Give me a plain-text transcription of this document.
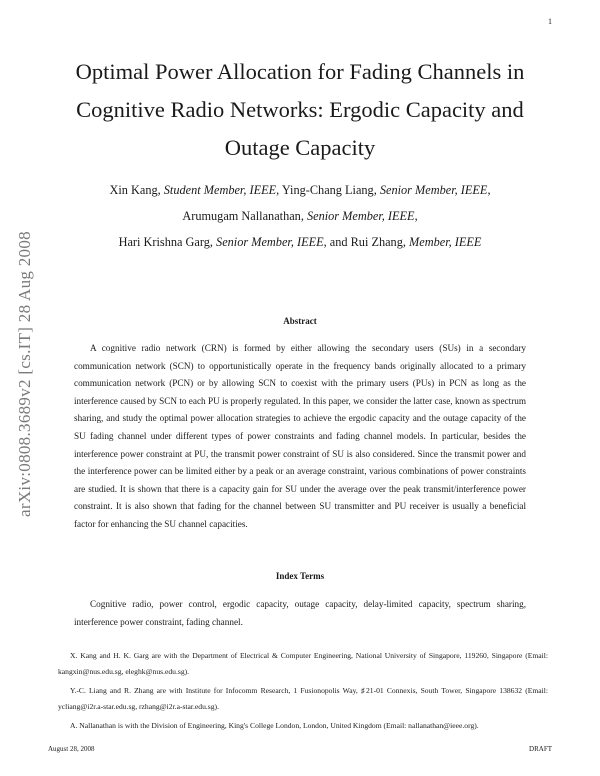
1
arXiv:0808.3689v2 [cs.IT] 28 Aug 2008
Optimal Power Allocation for Fading Channels in
Cognitive Radio Networks: Ergodic Capacity and
Outage Capacity
Xin Kang, Student Member, IEEE, Ying-Chang Liang, Senior Member, IEEE,
Arumugam Nallanathan, Senior Member, IEEE,
Hari Krishna Garg, Senior Member, IEEE, and Rui Zhang, Member, IEEE
Abstract

A cognitive radio network (CRN) is formed by either allowing the secondary users (SUs) in a secondary communication network (SCN) to opportunistically operate in the frequency bands originally allocated to a primary communication network (PCN) or by allowing SCN to coexist with the primary users (PUs) in PCN as long as the interference caused by SCN to each PU is properly regulated. In this paper, we consider the latter case, known as spectrum sharing, and study the optimal power allocation strategies to achieve the ergodic capacity and the outage capacity of the SU fading channel under different types of power constraints and fading channel models. In particular, besides the interference power constraint at PU, the transmit power constraint of SU is also considered. Since the transmit power and the interference power can be limited either by a peak or an average constraint, various combinations of power constraints are studied. It is shown that there is a capacity gain for SU under the average over the peak transmit/interference power constraint. It is also shown that fading for the channel between SU transmitter and PU receiver is usually a beneficial factor for enhancing the SU channel capacities.

Index Terms

Cognitive radio, power control, ergodic capacity, outage capacity, delay-limited capacity, spectrum sharing, interference power constraint, fading channel.

X. Kang and H. K. Garg are with the Department of Electrical & Computer Engineering, National University of Singapore, 119260, Singapore (Email: kangxin@nus.edu.sg, eleghk@nus.edu.sg).

Y.-C. Liang and R. Zhang are with Institute for Infocomm Research, 1 Fusionopolis Way, ♯21-01 Connexis, South Tower, Singapore 138632 (Email: ycliang@i2r.a-star.edu.sg, rzhang@i2r.a-star.edu.sg).

A. Nallanathan is with the Division of Engineering, King's College London, London, United Kingdom (Email: nallanathan@ieee.org).

August 28, 2008	DRAFT
